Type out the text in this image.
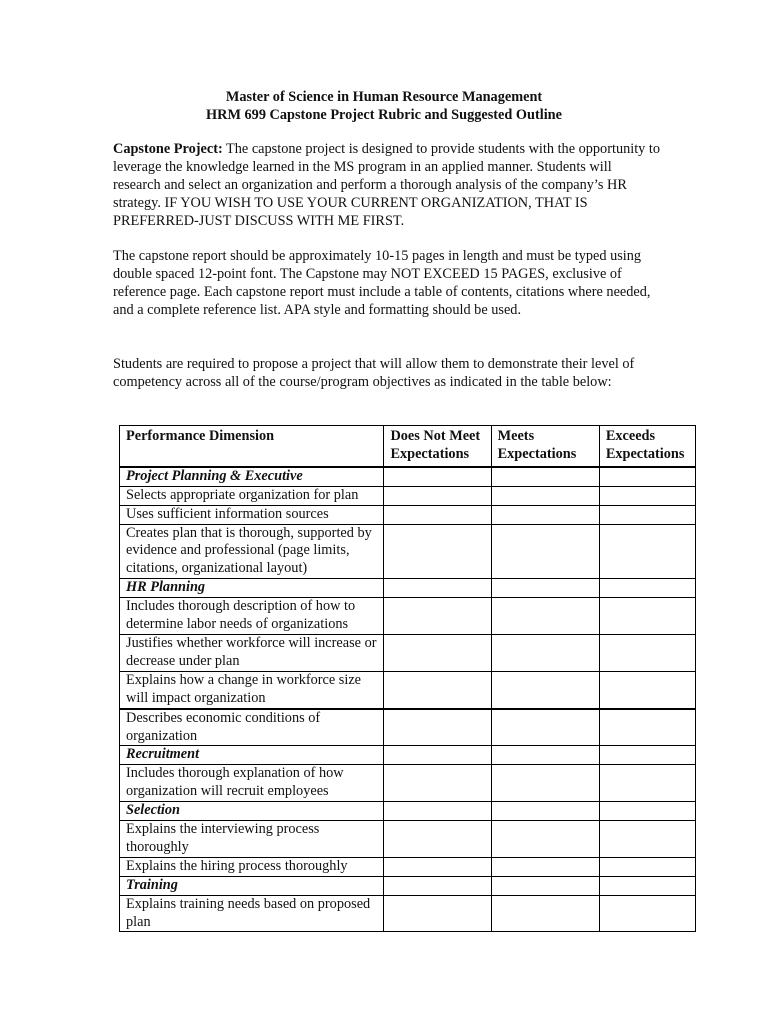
Master of Science in Human Resource Management
HRM 699 Capstone Project Rubric and Suggested Outline

Capstone Project: The capstone project is designed to provide students with the opportunity to leverage the knowledge learned in the MS program in an applied manner. Students will research and select an organization and perform a thorough analysis of the company’s HR strategy. IF YOU WISH TO USE YOUR CURRENT ORGANIZATION, THAT IS PREFERRED-JUST DISCUSS WITH ME FIRST.

The capstone report should be approximately 10-15 pages in length and must be typed using double spaced 12-point font. The Capstone may NOT EXCEED 15 PAGES, exclusive of reference page. Each capstone report must include a table of contents, citations where needed, and a complete reference list. APA style and formatting should be used.

Students are required to propose a project that will allow them to demonstrate their level of competency across all of the course/program objectives as indicated in the table below:

Performance Dimension	Does Not Meet Expectations	Meets Expectations	Exceeds Expectations
Project Planning & Executive			
Selects appropriate organization for plan			
Uses sufficient information sources			
Creates plan that is thorough, supported by evidence and professional (page limits, citations, organizational layout)			
HR Planning			
Includes thorough description of how to determine labor needs of organizations			
Justifies whether workforce will increase or decrease under plan			
Explains how a change in workforce size will impact organization			
Describes economic conditions of organization			
Recruitment			
Includes thorough explanation of how organization will recruit employees			
Selection			
Explains the interviewing process thoroughly			
Explains the hiring process thoroughly			
Training			
Explains training needs based on proposed plan			
